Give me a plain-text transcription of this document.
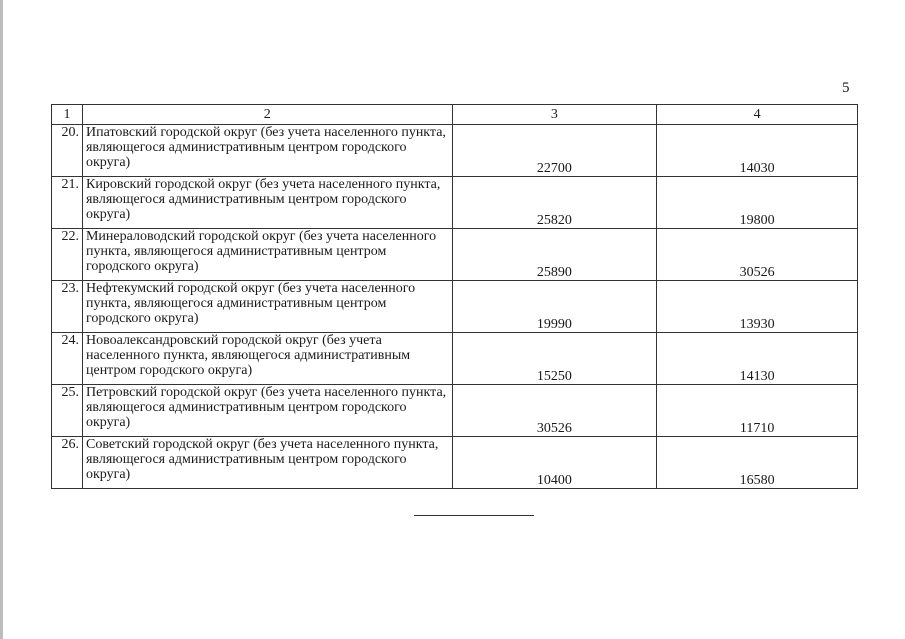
5
1	2	3	4
20.	Ипатовский городской округ (без учета населенного пункта, являющегося административным центром городского округа)	22700	14030
21.	Кировский городской округ (без учета населенного пункта, являющегося административным центром городского округа)	25820	19800
22.	Минераловодский городской округ (без учета населенного пункта, являющегося административным центром городского округа)	25890	30526
23.	Нефтекумский городской округ (без учета населенного пункта, являющегося административным центром городского округа)	19990	13930
24.	Новоалександровский городской округ (без учета населенного пункта, являющегося административным центром городского округа)	15250	14130
25.	Петровский городской округ (без учета населенного пункта, являющегося административным центром городского округа)	30526	11710
26.	Советский городской округ (без учета населенного пункта, являющегося административным центром городского округа)	10400	16580
